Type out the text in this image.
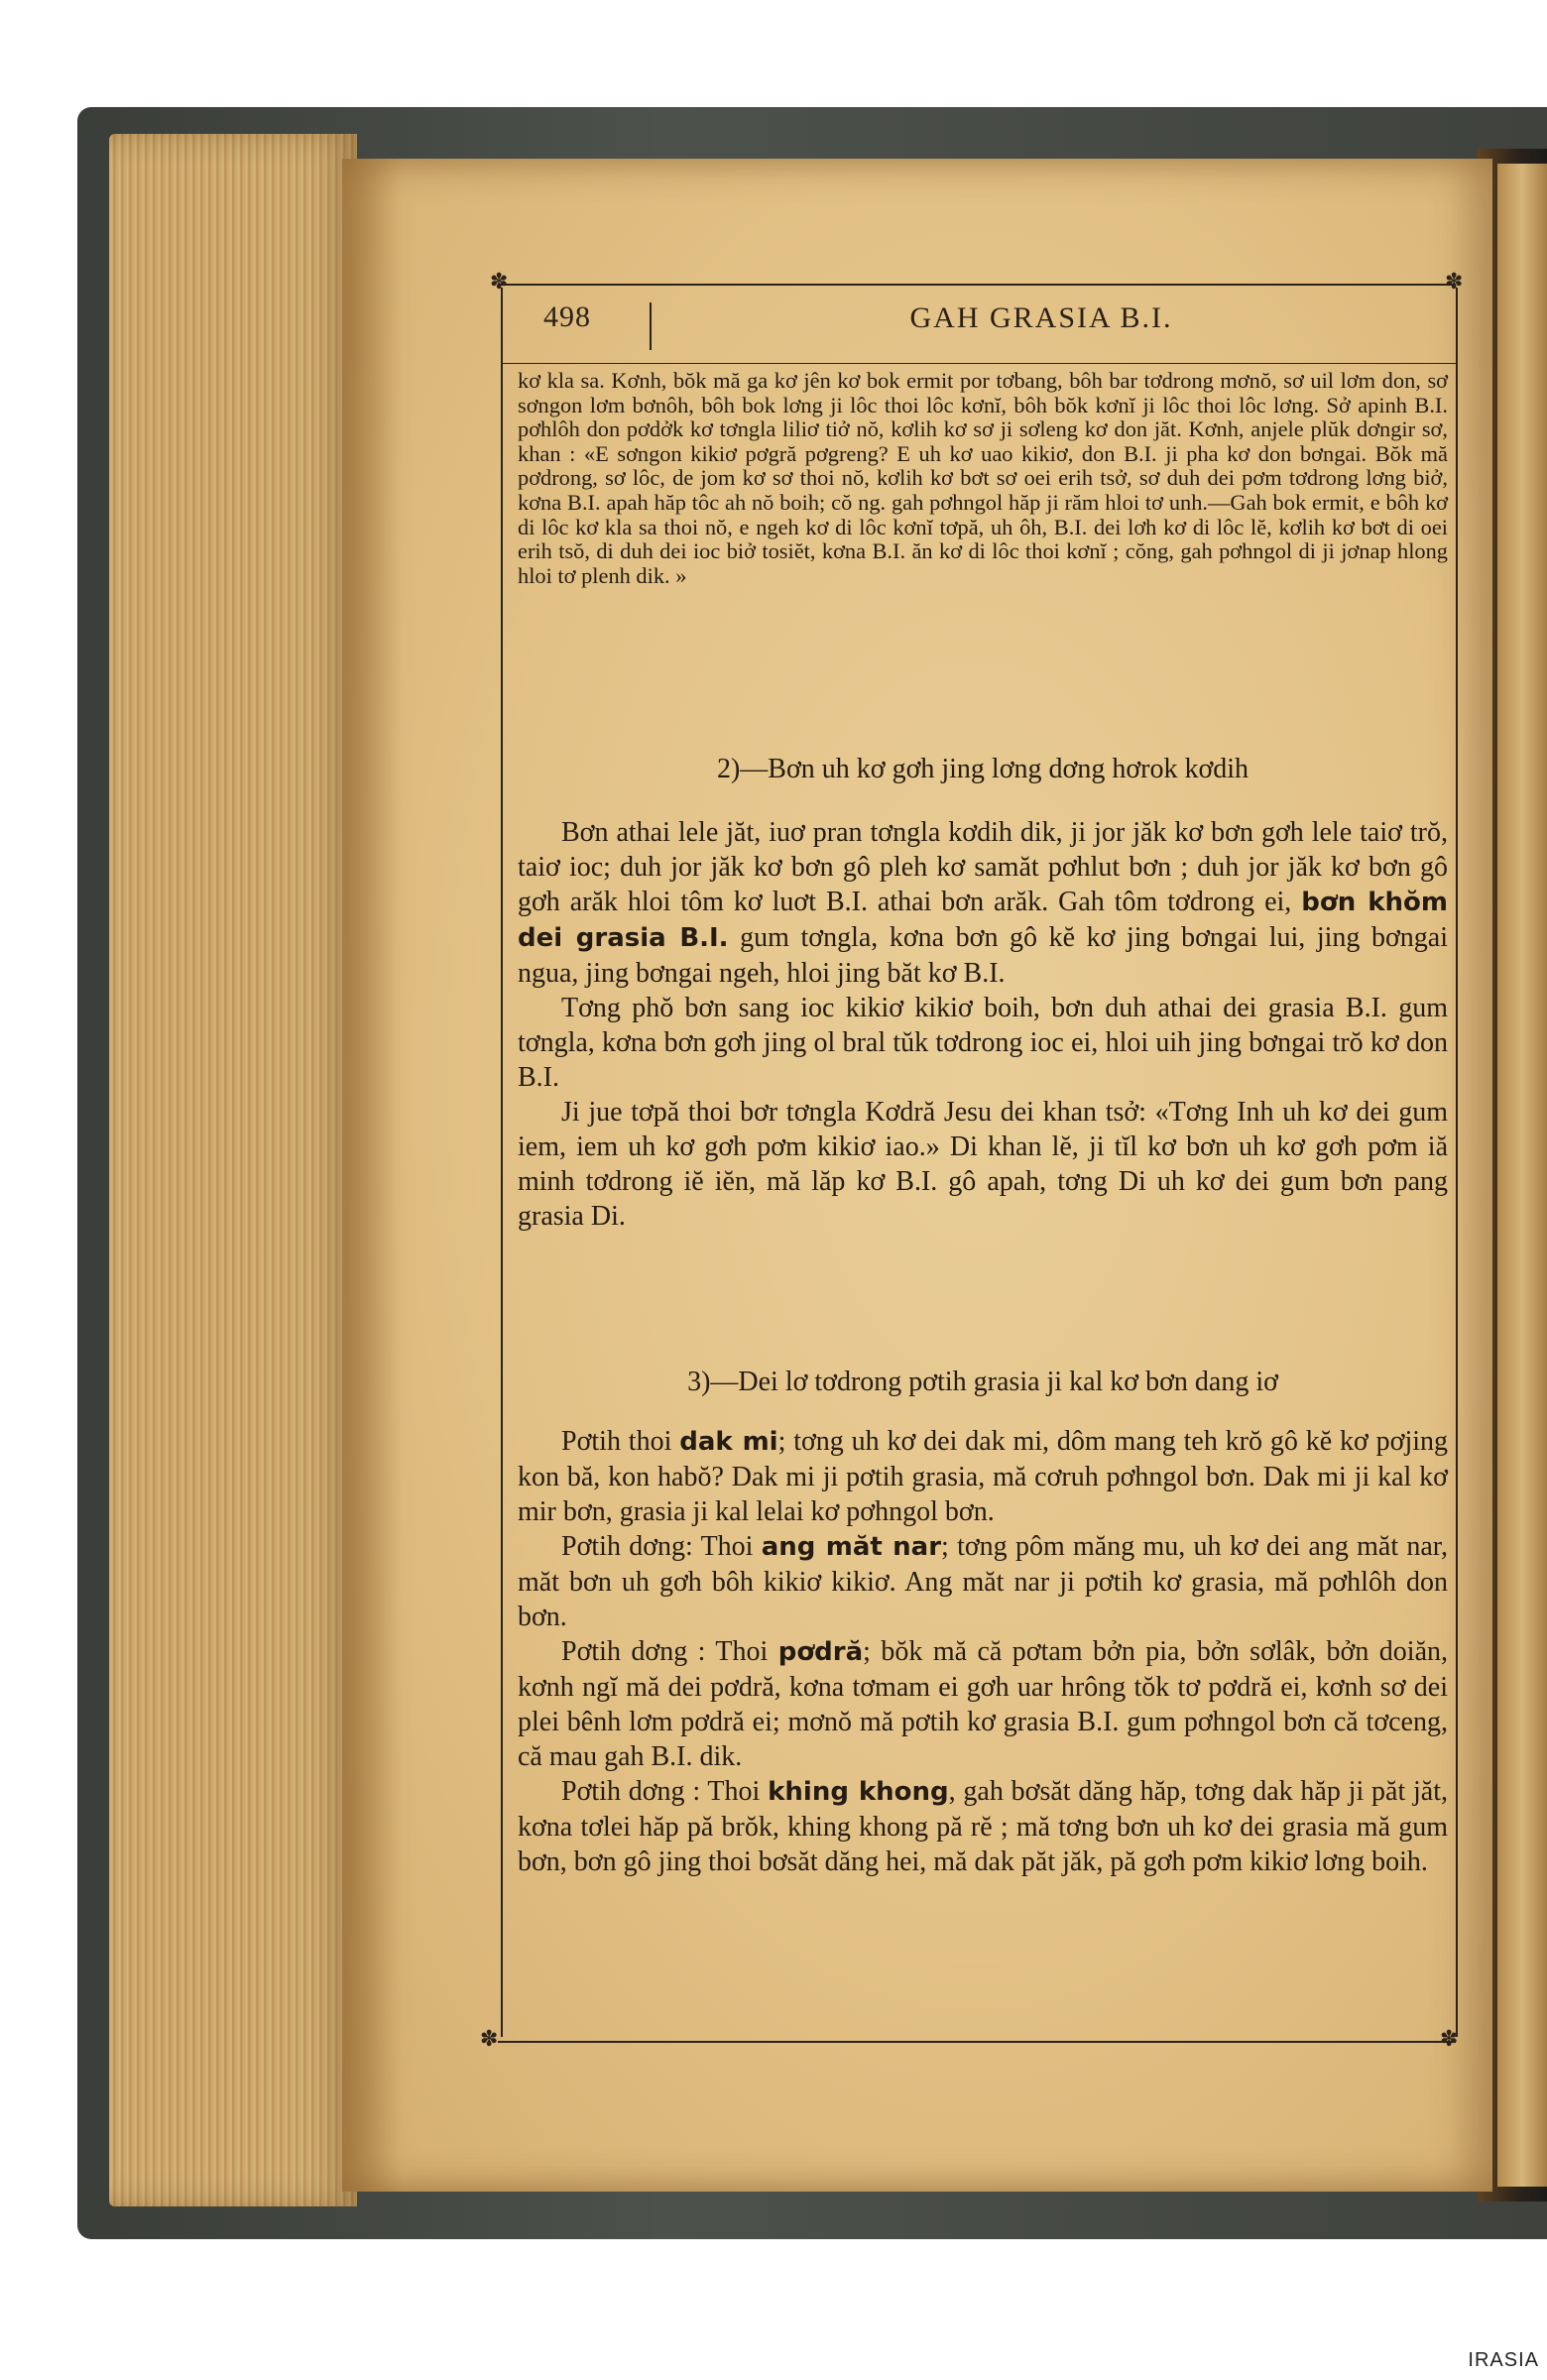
✽	✽
✽	✽
498	GAH GRASIA B.I.

kơ kla sa. Kơnh, bŏk mă ga kơ jên kơ bok ermit por tơbang, bôh bar tơdrong mơnŏ, sơ uil lơm don, sơ sơngon lơm bơnôh, bôh bok lơng ji lôc thoi lôc kơnĭ, bôh bŏk kơnĭ ji lôc thoi lôc lơng. Sở apinh B.I. pơhlôh don pơdởk kơ tơngla liliơ tiở nŏ, kơlih kơ sơ ji sơleng kơ don jăt. Kơnh, anjele plŭk dơngir sơ, khan : «E sơngon kikiơ pơgră pơgreng? E uh kơ uao kikiơ, don B.I. ji pha kơ don bơngai. Bŏk mă pơdrong, sơ lôc, de jom kơ sơ thoi nŏ, kơlih kơ bơt sơ oei erih tsở, sơ duh dei pơm tơdrong lơng biở, kơna B.I. apah hăp tôc ah nŏ boih; cŏ ng. gah pơhngol hăp ji răm hloi tơ unh.—Gah bok ermit, e bôh kơ di lôc kơ kla sa thoi nŏ, e ngeh kơ di lôc kơnĭ tơpă, uh ôh, B.I. dei lơh kơ di lôc lĕ, kơlih kơ bơt di oei erih tsŏ, di duh dei ioc biở tosiĕt, kơna B.I. ăn kơ di lôc thoi kơnĭ ; cŏng, gah pơhngol di ji jơnap hlong hloi tơ plenh dik. »

2)—Bơn uh kơ gơh jing lơng dơng hơrok kơdih

Bơn athai lele jăt, iuơ pran tơngla kơdih dik, ji jor jăk kơ bơn gơh lele taiơ trŏ, taiơ ioc; duh jor jăk kơ bơn gô pleh kơ samăt pơhlut bơn ; duh jor jăk kơ bơn gô gơh arăk hloi tôm kơ luơt B.I. athai bơn arăk. Gah tôm tơdrong ei, bơn khŏm dei grasia B.I. gum tơngla, kơna bơn gô kĕ kơ jing bơngai lui, jing bơngai ngua, jing bơngai ngeh, hloi jing băt kơ B.I.

Tơng phŏ bơn sang ioc kikiơ kikiơ boih, bơn duh athai dei grasia B.I. gum tơngla, kơna bơn gơh jing ol bral tŭk tơdrong ioc ei, hloi uih jing bơngai trŏ kơ don B.I.

Ji jue tơpă thoi bơr tơngla Kơdră Jesu dei khan tsở: «Tơng Inh uh kơ dei gum iem, iem uh kơ gơh pơm kikiơ iao.» Di khan lĕ, ji tĭl kơ bơn uh kơ gơh pơm iă minh tơdrong iĕ iĕn, mă lăp kơ B.I. gô apah, tơng Di uh kơ dei gum bơn pang grasia Di.

3)—Dei lơ tơdrong pơtih grasia ji kal kơ bơn dang iơ

Pơtih thoi dak mi; tơng uh kơ dei dak mi, dôm mang teh krŏ gô kĕ kơ pơjing kon bă, kon habŏ? Dak mi ji pơtih grasia, mă cơruh pơhngol bơn. Dak mi ji kal kơ mir bơn, grasia ji kal lelai kơ pơhngol bơn.

Pơtih dơng: Thoi ang măt nar; tơng pôm măng mu, uh kơ dei ang măt nar, măt bơn uh gơh bôh kikiơ kikiơ. Ang măt nar ji pơtih kơ grasia, mă pơhlôh don bơn.

Pơtih dơng : Thoi pơdră; bŏk mă că pơtam bởn pia, bởn sơlâk, bởn doiăn, kơnh ngĭ mă dei pơdră, kơna tơmam ei gơh uar hrông tŏk tơ pơdră ei, kơnh sơ dei plei bênh lơm pơdră ei; mơnŏ mă pơtih kơ grasia B.I. gum pơhngol bơn că tơceng, că mau gah B.I. dik.

Pơtih dơng : Thoi khing khong, gah bơsăt dăng hăp, tơng dak hăp ji păt jăt, kơna tơlei hăp pă brŏk, khing khong pă rĕ ; mă tơng bơn uh kơ dei grasia mă gum bơn, bơn gô jing thoi bơsăt dăng hei, mă dak păt jăk, pă gơh pơm kikiơ lơng boih.

IRASIA
